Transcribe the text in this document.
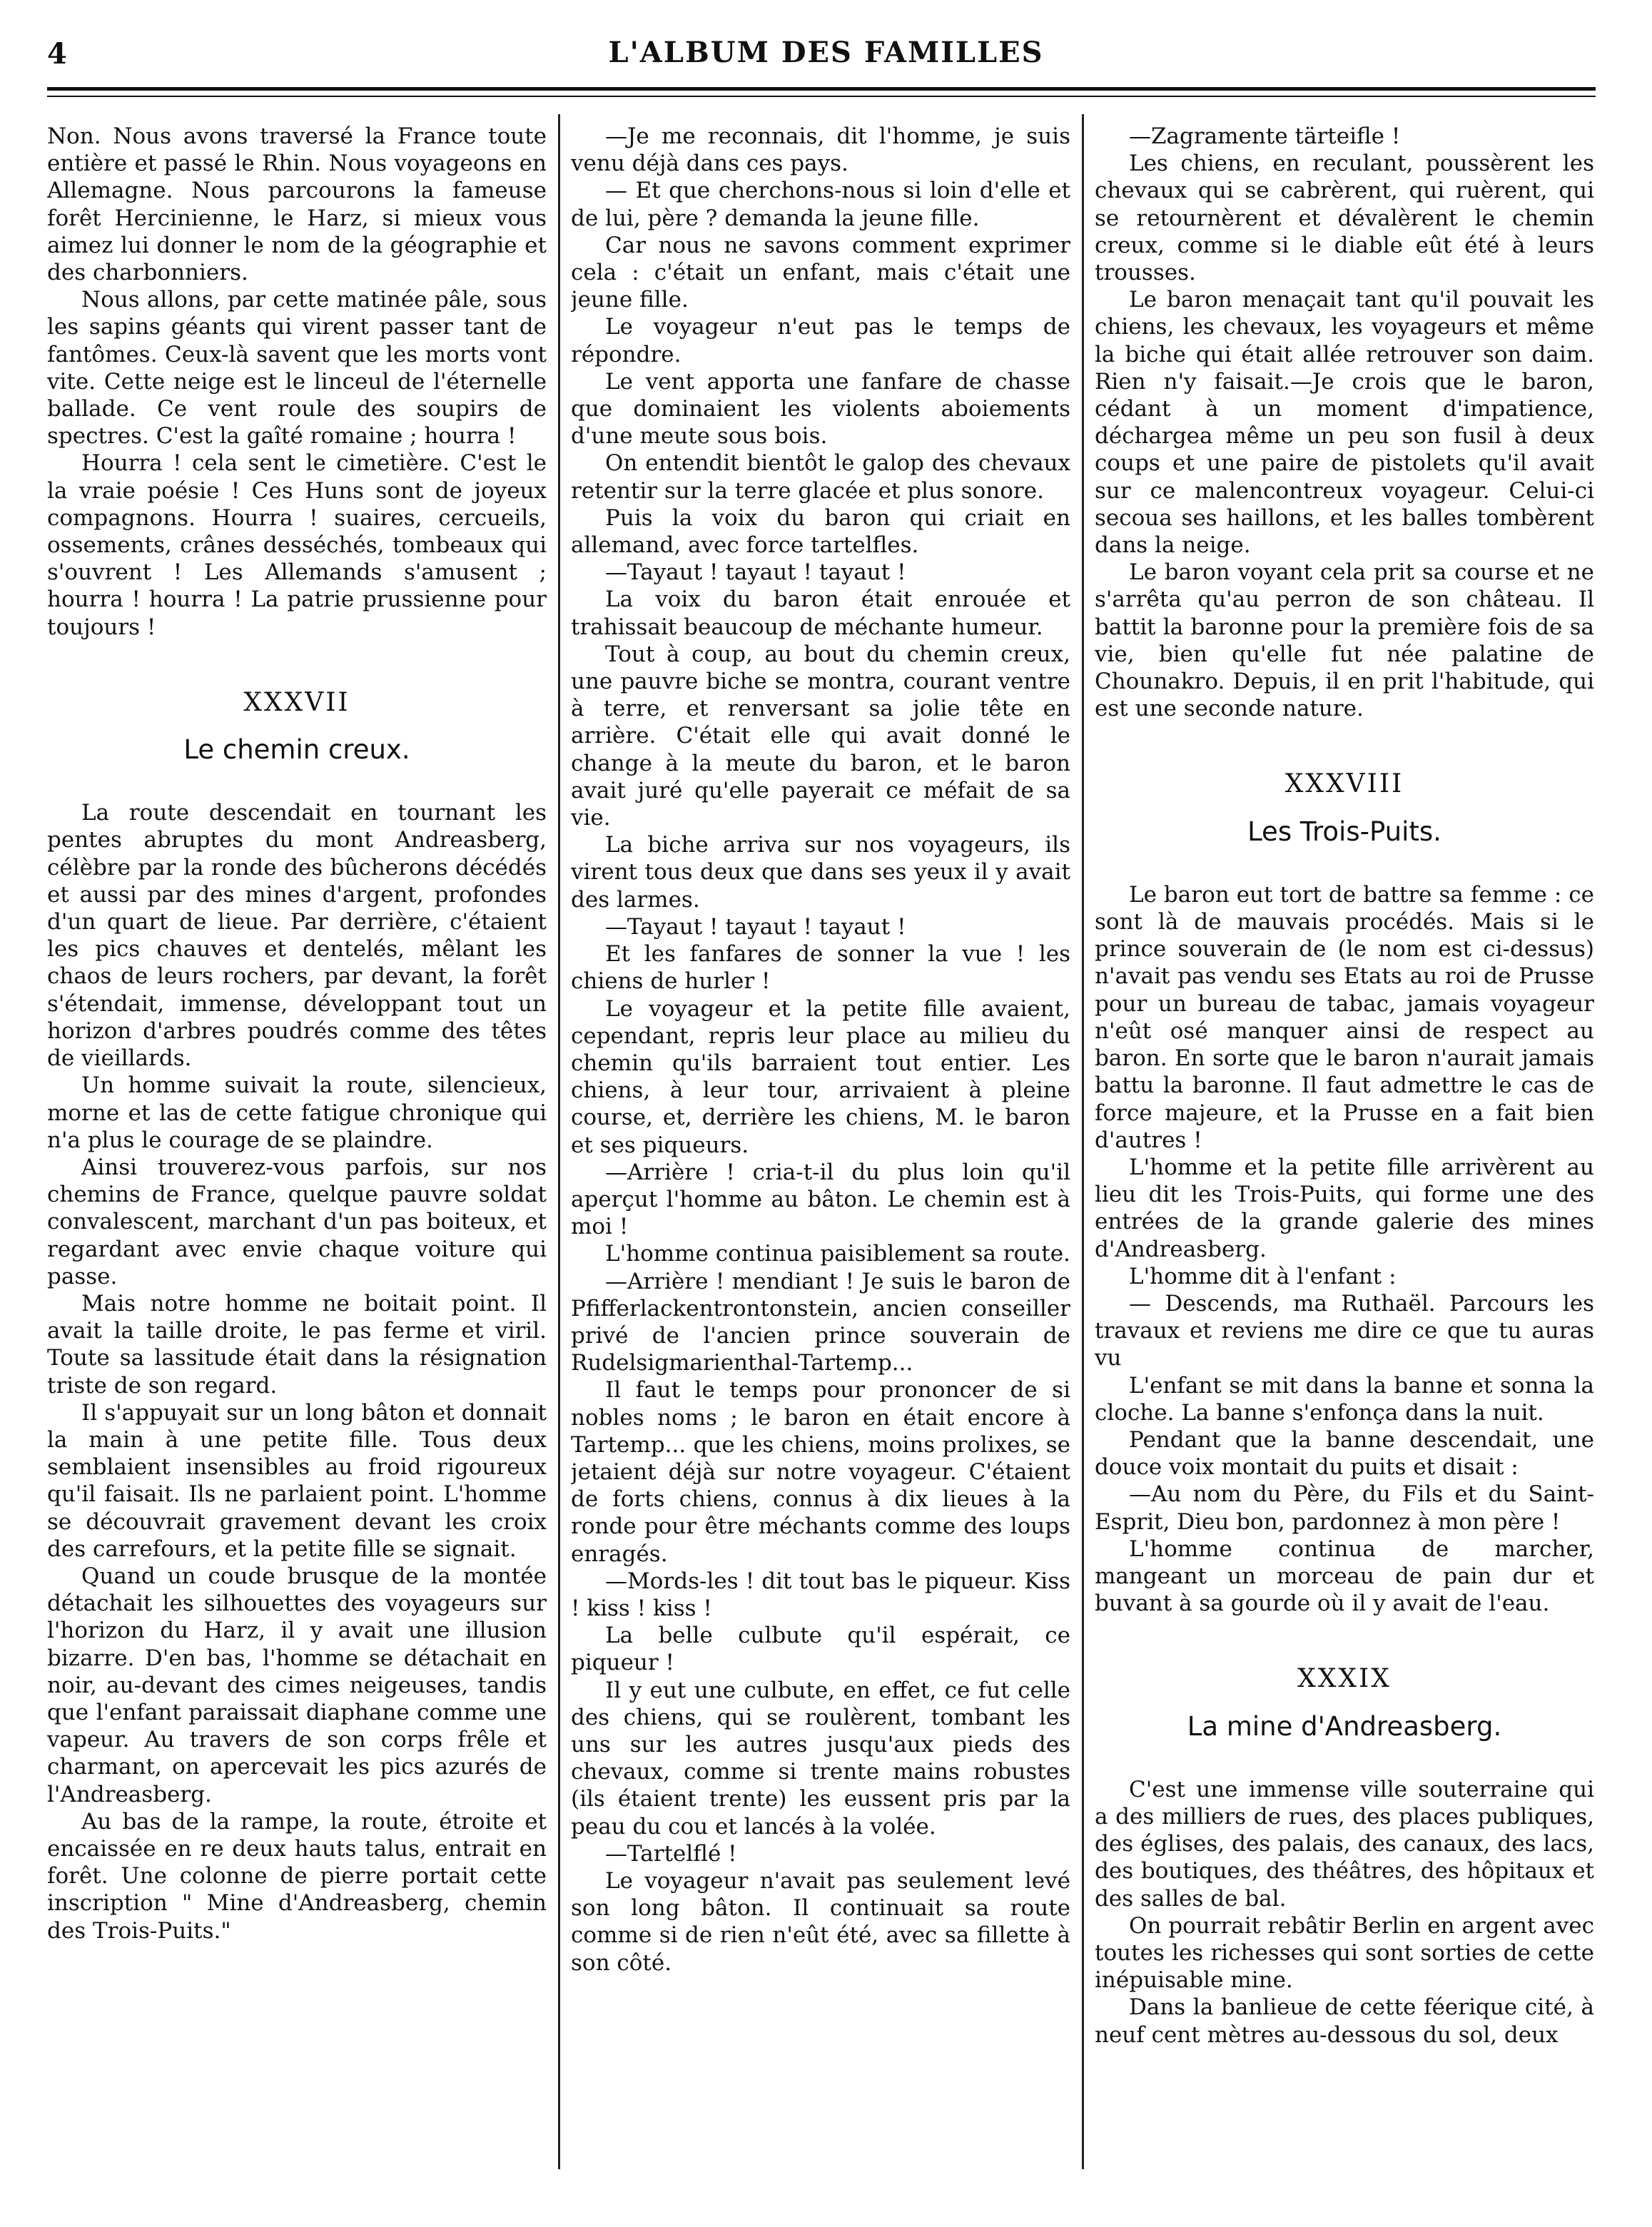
4	L'ALBUM DES FAMILLES

Non. Nous avons traversé la France toute entière et passé le Rhin. Nous voyageons en Allemagne. Nous parcourons la fameuse forêt Hercinienne, le Harz, si mieux vous aimez lui donner le nom de la géographie et des charbonniers.

Nous allons, par cette matinée pâle, sous les sapins géants qui virent passer tant de fantômes. Ceux-là savent que les morts vont vite. Cette neige est le linceul de l'éternelle ballade. Ce vent roule des soupirs de spectres. C'est la gaîté romaine ; hourra !

Hourra ! cela sent le cimetière. C'est le la vraie poésie ! Ces Huns sont de joyeux compagnons. Hourra ! suaires, cercueils, ossements, crânes desséchés, tombeaux qui s'ouvrent ! Les Allemands s'amusent ; hourra ! hourra ! La patrie prussienne pour toujours !

XXXVII
Le chemin creux.

La route descendait en tournant les pentes abruptes du mont Andreasberg, célèbre par la ronde des bûcherons décédés et aussi par des mines d'argent, profondes d'un quart de lieue. Par derrière, c'étaient les pics chauves et dentelés, mêlant les chaos de leurs rochers, par devant, la forêt s'étendait, immense, développant tout un horizon d'arbres poudrés comme des têtes de vieillards.

Un homme suivait la route, silencieux, morne et las de cette fatigue chronique qui n'a plus le courage de se plaindre.

Ainsi trouverez-vous parfois, sur nos chemins de France, quelque pauvre soldat convalescent, marchant d'un pas boiteux, et regardant avec envie chaque voiture qui passe.

Mais notre homme ne boitait point. Il avait la taille droite, le pas ferme et viril. Toute sa lassitude était dans la résignation triste de son regard.

Il s'appuyait sur un long bâton et donnait la main à une petite fille. Tous deux semblaient insensibles au froid rigoureux qu'il faisait. Ils ne parlaient point. L'homme se découvrait gravement devant les croix des carrefours, et la petite fille se signait.

Quand un coude brusque de la montée détachait les silhouettes des voyageurs sur l'horizon du Harz, il y avait une illusion bizarre. D'en bas, l'homme se détachait en noir, au-devant des cimes neigeuses, tandis que l'enfant paraissait diaphane comme une vapeur. Au travers de son corps frêle et charmant, on apercevait les pics azurés de l'Andreasberg.

Au bas de la rampe, la route, étroite et encaissée en re deux hauts talus, entrait en forêt. Une colonne de pierre portait cette inscription " Mine d'Andreasberg, chemin des Trois-Puits."

—Je me reconnais, dit l'homme, je suis venu déjà dans ces pays.

— Et que cherchons-nous si loin d'elle et de lui, père ? demanda la jeune fille.

Car nous ne savons comment exprimer cela : c'était un enfant, mais c'était une jeune fille.

Le voyageur n'eut pas le temps de répondre.

Le vent apporta une fanfare de chasse que dominaient les violents aboiements d'une meute sous bois.

On entendit bientôt le galop des chevaux retentir sur la terre glacée et plus sonore.

Puis la voix du baron qui criait en allemand, avec force tartelfles.

—Tayaut ! tayaut ! tayaut !

La voix du baron était enrouée et trahissait beaucoup de méchante humeur.

Tout à coup, au bout du chemin creux, une pauvre biche se montra, courant ventre à terre, et renversant sa jolie tête en arrière. C'était elle qui avait donné le change à la meute du baron, et le baron avait juré qu'elle payerait ce méfait de sa vie.

La biche arriva sur nos voyageurs, ils virent tous deux que dans ses yeux il y avait des larmes.

—Tayaut ! tayaut ! tayaut !

Et les fanfares de sonner la vue ! les chiens de hurler !

Le voyageur et la petite fille avaient, cependant, repris leur place au milieu du chemin qu'ils barraient tout entier. Les chiens, à leur tour, arrivaient à pleine course, et, derrière les chiens, M. le baron et ses piqueurs.

—Arrière ! cria-t-il du plus loin qu'il aperçut l'homme au bâton. Le chemin est à moi !

L'homme continua paisiblement sa route.

—Arrière ! mendiant ! Je suis le baron de Pfifferlackentrontonstein, ancien conseiller privé de l'ancien prince souverain de Rudelsigmarienthal-Tartemp...

Il faut le temps pour prononcer de si nobles noms ; le baron en était encore à Tartemp... que les chiens, moins prolixes, se jetaient déjà sur notre voyageur. C'étaient de forts chiens, connus à dix lieues à la ronde pour être méchants comme des loups enragés.

—Mords-les ! dit tout bas le piqueur. Kiss ! kiss ! kiss !

La belle culbute qu'il espérait, ce piqueur !

Il y eut une culbute, en effet, ce fut celle des chiens, qui se roulèrent, tombant les uns sur les autres jusqu'aux pieds des chevaux, comme si trente mains robustes (ils étaient trente) les eussent pris par la peau du cou et lancés à la volée.

—Tartelflé !

Le voyageur n'avait pas seulement levé son long bâton. Il continuait sa route comme si de rien n'eût été, avec sa fillette à son côté.

—Zagramente tärteifle !

Les chiens, en reculant, poussèrent les chevaux qui se cabrèrent, qui ruèrent, qui se retournèrent et dévalèrent le chemin creux, comme si le diable eût été à leurs trousses.

Le baron menaçait tant qu'il pouvait les chiens, les chevaux, les voyageurs et même la biche qui était allée retrouver son daim. Rien n'y faisait.—Je crois que le baron, cédant à un moment d'impatience, déchargea même un peu son fusil à deux coups et une paire de pistolets qu'il avait sur ce malencontreux voyageur. Celui-ci secoua ses haillons, et les balles tombèrent dans la neige.

Le baron voyant cela prit sa course et ne s'arrêta qu'au perron de son château. Il battit la baronne pour la première fois de sa vie, bien qu'elle fut née palatine de Chounakro. Depuis, il en prit l'habitude, qui est une seconde nature.

XXXVIII
Les Trois-Puits.

Le baron eut tort de battre sa femme : ce sont là de mauvais procédés. Mais si le prince souverain de (le nom est ci-dessus) n'avait pas vendu ses Etats au roi de Prusse pour un bureau de tabac, jamais voyageur n'eût osé manquer ainsi de respect au baron. En sorte que le baron n'aurait jamais battu la baronne. Il faut admettre le cas de force majeure, et la Prusse en a fait bien d'autres !

L'homme et la petite fille arrivèrent au lieu dit les Trois-Puits, qui forme une des entrées de la grande galerie des mines d'Andreasberg.

L'homme dit à l'enfant :

— Descends, ma Ruthaël. Parcours les travaux et reviens me dire ce que tu auras vu

L'enfant se mit dans la banne et sonna la cloche. La banne s'enfonça dans la nuit.

Pendant que la banne descendait, une douce voix montait du puits et disait :

—Au nom du Père, du Fils et du Saint-Esprit, Dieu bon, pardonnez à mon père !

L'homme continua de marcher, mangeant un morceau de pain dur et buvant à sa gourde où il y avait de l'eau.

XXXIX
La mine d'Andreasberg.

C'est une immense ville souterraine qui a des milliers de rues, des places publiques, des églises, des palais, des canaux, des lacs, des boutiques, des théâtres, des hôpitaux et des salles de bal.

On pourrait rebâtir Berlin en argent avec toutes les richesses qui sont sorties de cette inépuisable mine.

Dans la banlieue de cette féerique cité, à neuf cent mètres au-dessous du sol, deux
